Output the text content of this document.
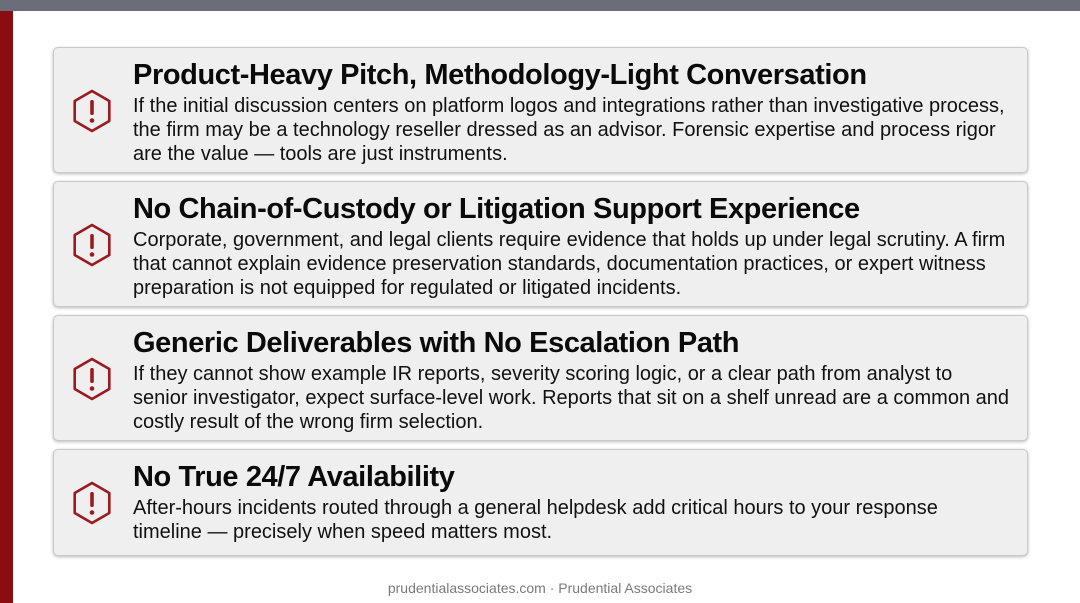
Product-Heavy Pitch, Methodology-Light Conversation
If the initial discussion centers on platform logos and integrations rather than investigative process, the firm may be a technology reseller dressed as an advisor. Forensic expertise and process rigor are the value — tools are just instruments.
No Chain-of-Custody or Litigation Support Experience
Corporate, government, and legal clients require evidence that holds up under legal scrutiny. A firm that cannot explain evidence preservation standards, documentation practices, or expert witness preparation is not equipped for regulated or litigated incidents.
Generic Deliverables with No Escalation Path
If they cannot show example IR reports, severity scoring logic, or a clear path from analyst to senior investigator, expect surface-level work. Reports that sit on a shelf unread are a common and costly result of the wrong firm selection.
No True 24/7 Availability
After-hours incidents routed through a general helpdesk add critical hours to your response timeline — precisely when speed matters most.
prudentialassociates.com · Prudential Associates
